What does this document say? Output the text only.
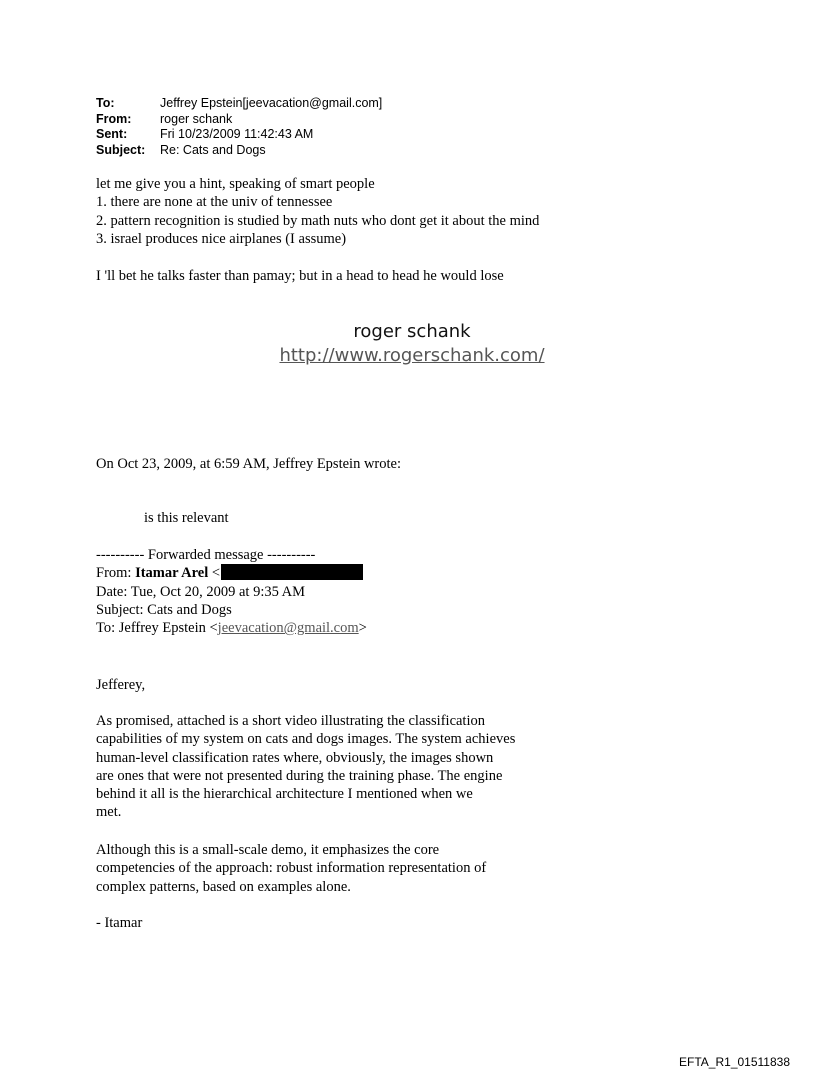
To:	Jeffrey Epstein[jeevacation@gmail.com]
From:	roger schank
Sent:	Fri 10/23/2009 11:42:43 AM
Subject:	Re: Cats and Dogs
let me give you a hint, speaking of smart people
1. there are none at the univ of tennessee
2. pattern recognition is studied by math nuts who dont get it about the mind
3. israel produces nice airplanes (I assume)
I 'll bet he talks faster than pamay; but in a head to head he would lose
roger schank
http://www.rogerschank.com/
On Oct 23, 2009, at 6:59 AM, Jeffrey Epstein wrote:
is this relevant
---------- Forwarded message ----------
From: Itamar Arel <
Date: Tue, Oct 20, 2009 at 9:35 AM
Subject: Cats and Dogs
To: Jeffrey Epstein <jeevacation@gmail.com>
Jefferey,
As promised, attached is a short video illustrating the classification
capabilities of my system on cats and dogs images. The system achieves
human-level classification rates where, obviously, the images shown
are ones that were not presented during the training phase. The engine
behind it all is the hierarchical architecture I mentioned when we
met.
Although this is a small-scale demo, it emphasizes the core
competencies of the approach: robust information representation of
complex patterns, based on examples alone.
- Itamar
EFTA_R1_01511838
